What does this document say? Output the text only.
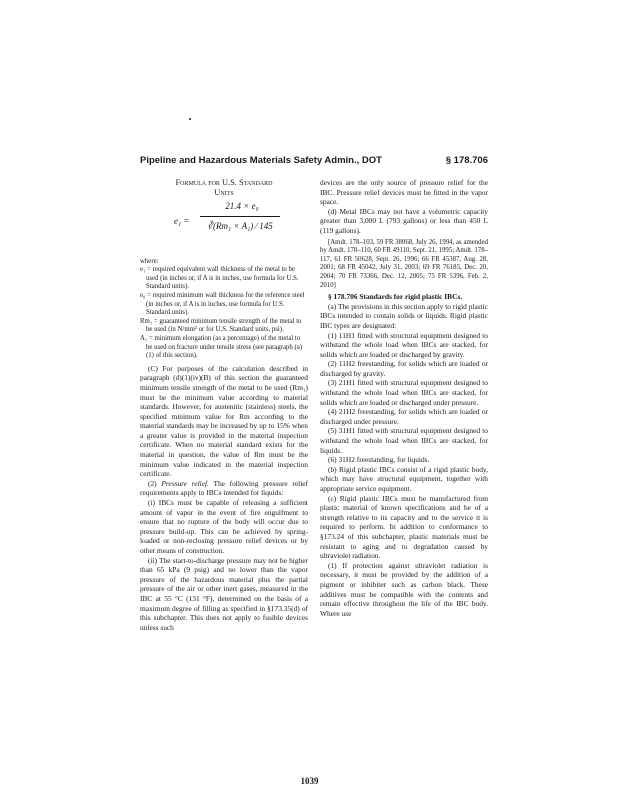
Pipeline and Hazardous Materials Safety Admin., DOT	§ 178.706
Formula for U.S. Standard
Units
e₁ =
21.4 × e₀
∛(Rm₁ × A₁) ⁄ 145
where:
e₁ = required equivalent wall thickness of the metal to be used (in inches or, if A is in inches, use formula for U.S. Standard units).
e₀ = required minimum wall thickness for the reference steel (in inches or, if A is in inches, use formula for U.S. Standard units).
Rm₁ = guaranteed minimum tensile strength of the metal to be used (in N/mm² or for U.S. Standard units, psi).
A₁ = minimum elongation (as a percentage) of the metal to be used on fracture under tensile stress (see paragraph (a)(1) of this section).

(C) For purposes of the calculation described in paragraph (d)(1)(iv)(B) of this section the guaranteed minimum tensile strength of the metal to be used (Rm₁) must be the minimum value according to material standards. However, for austenitic (stainless) steels, the specified minimum value for Rm according to the material standards may be increased by up to 15% when a greater value is provided in the material inspection certificate. When no material standard exists for the material in question, the value of Rm must be the minimum value indicated in the material inspection certificate.

(2) Pressure relief. The following pressure relief requirements apply to IBCs intended for liquids:

(i) IBCs must be capable of releasing a sufficient amount of vapor in the event of fire engulfment to ensure that no rupture of the body will occur due to pressure build-up. This can be achieved by spring-loaded or non-reclosing pressure relief devices or by other means of construction.

(ii) The start-to-discharge pressure may not be higher than 65 kPa (9 psig) and no lower than the vapor pressure of the hazardous material plus the partial pressure of the air or other inert gases, measured in the IBC at 55 °C (131 °F), determined on the basis of a maximum degree of filling as specified in §173.35(d) of this subchapter. This does not apply to fusible devices unless such

devices are the only source of pressure relief for the IBC. Pressure relief devices must be fitted in the vapor space.

(d) Metal IBCs may not have a volumetric capacity greater than 3,000 L (793 gallons) or less than 450 L (119 gallons).

[Amdt. 178–103, 59 FR 38068, July 26, 1994, as amended by Amdt. 178–110, 60 FR 49110, Sept. 21, 1995; Amdt. 178–117, 61 FR 50628, Sept. 26, 1996; 66 FR 45387, Aug. 28, 2001; 68 FR 45042, July 31, 2003; 69 FR 76185, Dec. 20, 2004; 70 FR 73366, Dec. 12, 2005; 75 FR 5396, Feb. 2, 2010]

§ 178.706 Standards for rigid plastic IBCs.

(a) The provisions in this section apply to rigid plastic IBCs intended to contain solids or liquids. Rigid plastic IBC types are designated:

(1) 11H1 fitted with structural equipment designed to withstand the whole load when IBCs are stacked, for solids which are loaded or discharged by gravity.

(2) 11H2 freestanding, for solids which are loaded or discharged by gravity.

(3) 21H1 fitted with structural equipment designed to withstand the whole load when IBCs are stacked, for solids which are loaded or discharged under pressure.

(4) 21H2 freestanding, for solids which are loaded or discharged under pressure.

(5) 31H1 fitted with structural equipment designed to withstand the whole load when IBCs are stacked, for liquids.

(6) 31H2 freestanding, for liquids.

(b) Rigid plastic IBCs consist of a rigid plastic body, which may have structural equipment, together with appropriate service equipment.

(c) Rigid plastic IBCs must be manufactured from plastic material of known specifications and be of a strength relative to its capacity and to the service it is required to perform. In addition to conformance to §173.24 of this subchapter, plastic materials must be resistant to aging and to degradation caused by ultraviolet radiation.

(1) If protection against ultraviolet radiation is necessary, it must be provided by the addition of a pigment or inhibiter such as carbon black. These additives must be compatible with the contents and remain effective throughout the life of the IBC body. Where use

1039
